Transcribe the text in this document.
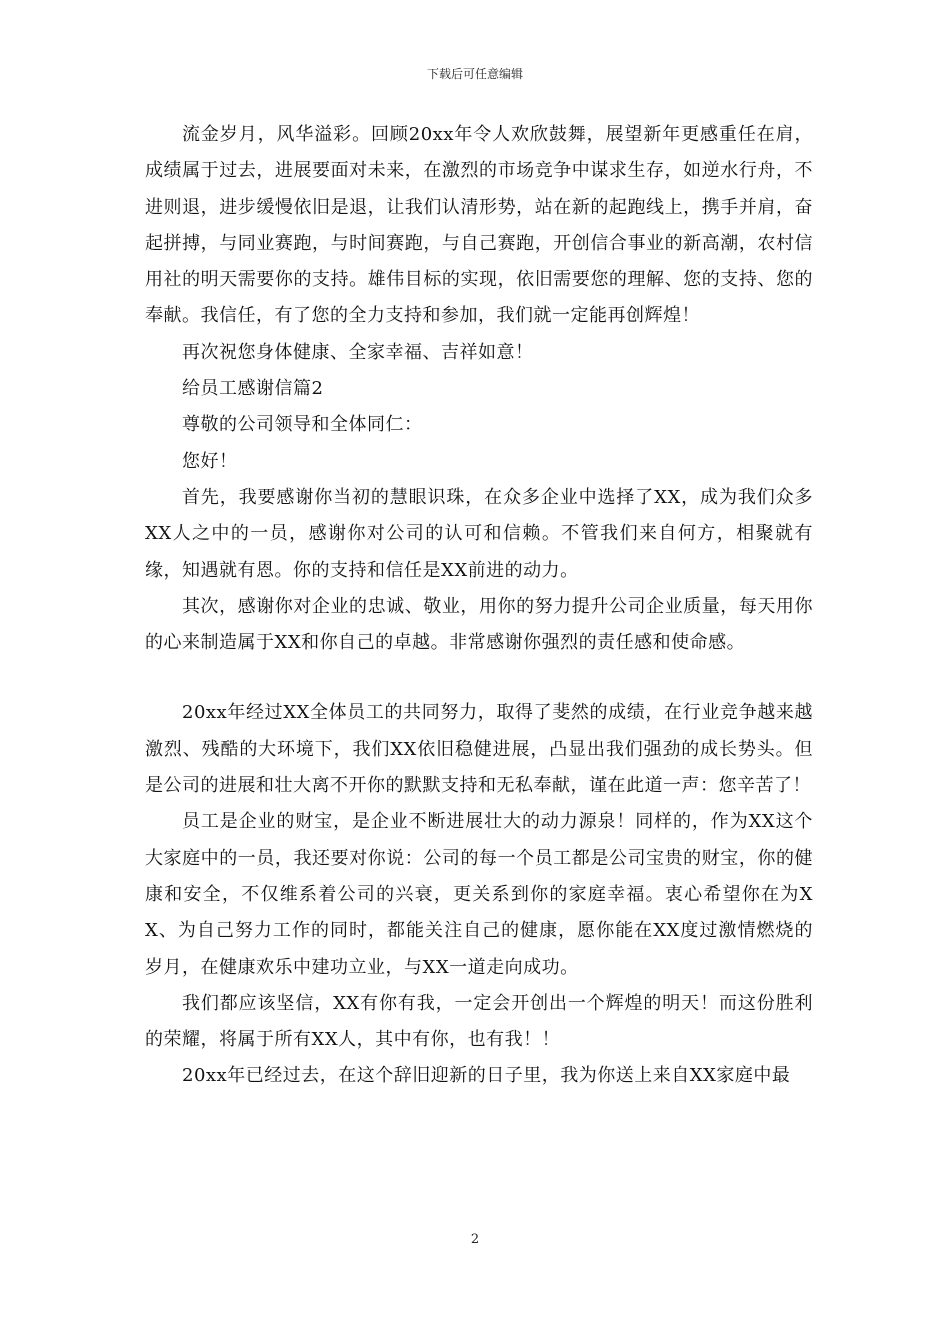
下载后可任意编辑

流金岁月，风华溢彩。回顾20xx年令人欢欣鼓舞，展望新年更感重任在肩，成绩属于过去，进展要面对未来，在激烈的市场竞争中谋求生存，如逆水行舟，不进则退，进步缓慢依旧是退，让我们认清形势，站在新的起跑线上，携手并肩，奋起拼搏，与同业赛跑，与时间赛跑，与自己赛跑，开创信合事业的新高潮，农村信用社的明天需要你的支持。雄伟目标的实现，依旧需要您的理解、您的支持、您的奉献。我信任，有了您的全力支持和参加，我们就一定能再创辉煌！

再次祝您身体健康、全家幸福、吉祥如意！

给员工感谢信篇2

尊敬的公司领导和全体同仁：

您好！

首先，我要感谢你当初的慧眼识珠，在众多企业中选择了XX，成为我们众多XX人之中的一员，感谢你对公司的认可和信赖。不管我们来自何方，相聚就有缘，知遇就有恩。你的支持和信任是XX前进的动力。

其次，感谢你对企业的忠诚、敬业，用你的努力提升公司企业质量，每天用你的心来制造属于XX和你自己的卓越。非常感谢你强烈的责任感和使命感。

20xx年经过XX全体员工的共同努力，取得了斐然的成绩，在行业竞争越来越激烈、残酷的大环境下，我们XX依旧稳健进展，凸显出我们强劲的成长势头。但是公司的进展和壮大离不开你的默默支持和无私奉献，谨在此道一声：您辛苦了！

员工是企业的财宝，是企业不断进展壮大的动力源泉！同样的，作为XX这个大家庭中的一员，我还要对你说：公司的每一个员工都是公司宝贵的财宝，你的健康和安全，不仅维系着公司的兴衰，更关系到你的家庭幸福。衷心希望你在为XX、为自己努力工作的同时，都能关注自己的健康，愿你能在XX度过激情燃烧的岁月，在健康欢乐中建功立业，与XX一道走向成功。

我们都应该坚信，XX有你有我，一定会开创出一个辉煌的明天！而这份胜利的荣耀，将属于所有XX人，其中有你，也有我！！

20xx年已经过去，在这个辞旧迎新的日子里，我为你送上来自XX家庭中最

2
